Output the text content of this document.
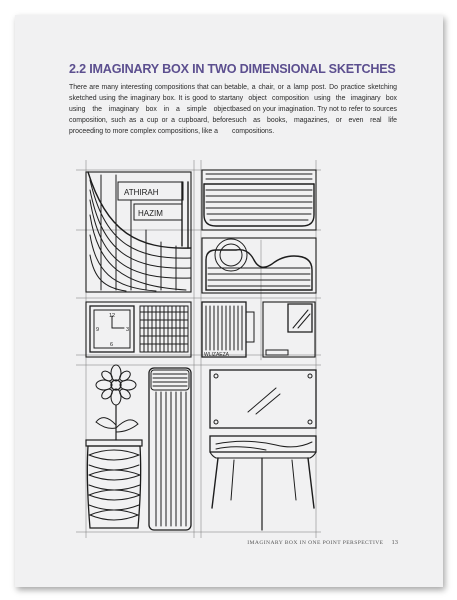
2.2 IMAGINARY BOX IN TWO DIMENSIONAL SKETCHES

There are many interesting compositions that can be sketched using the imaginary box. It is good to start using the imaginary box in a simple object composition, such as a cup or a cupboard, before proceeding to more complex compositions, like a

table, a chair, or a lamp post. Do practice sketching any object composition using the imaginary box based on your imagination. Try not to refer to sources such as books, magazines, or even real life compositions.

ATHIRAH
HAZIM
12
3
6
9
WLIZAEZA
IMAGINARY BOX IN ONE POINT PERSPECTIVE 13
